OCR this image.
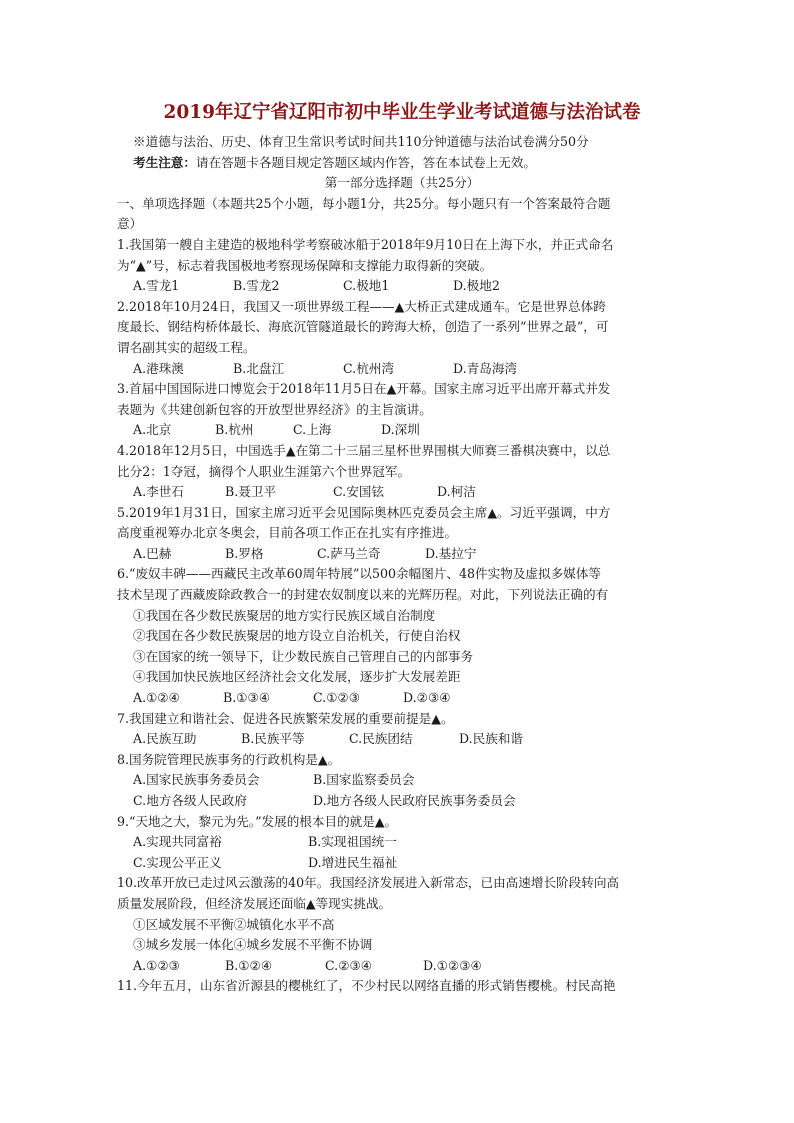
2019年辽宁省辽阳市初中毕业生学业考试道德与法治试卷
※道德与法治、历史、体育卫生常识考试时间共110分钟道德与法治试卷满分50分
考生注意：请在答题卡各题目规定答题区域内作答，答在本试卷上无效。
第一部分选择题（共25分）
一、单项选择题（本题共25个小题，每小题1分，共25分。每小题只有一个答案最符合题
意）
1.我国第一艘自主建造的极地科学考察破冰船于2018年9月10日在上海下水，并正式命名
为“▲”号，标志着我国极地考察现场保障和支撑能力取得新的突破。
A.雪龙1	B.雪龙2	C.极地1	D.极地2
2.2018年10月24日，我国又一项世界级工程——▲大桥正式建成通车。它是世界总体跨
度最长、钢结构桥体最长、海底沉管隧道最长的跨海大桥，创造了一系列“世界之最”，可
谓名副其实的超级工程。
A.港珠澳	B.北盘江	C.杭州湾	D.青岛海湾
3.首届中国国际进口博览会于2018年11月5日在▲开幕。国家主席习近平出席开幕式并发
表题为《共建创新包容的开放型世界经济》的主旨演讲。
A.北京	B.杭州	C.上海	D.深圳
4.2018年12月5日，中国选手▲在第二十三届三星杯世界围棋大师赛三番棋决赛中，以总
比分2：1夺冠，摘得个人职业生涯第六个世界冠军。
A.李世石	B.聂卫平	C.安国铉	D.柯洁
5.2019年1月31日，国家主席习近平会见国际奥林匹克委员会主席▲。习近平强调，中方
高度重视筹办北京冬奥会，目前各项工作正在扎实有序推进。
A.巴赫	B.罗格	C.萨马兰奇	D.基拉宁
6.“废奴丰碑——西藏民主改革60周年特展”以500余幅图片、48件实物及虚拟多媒体等
技术呈现了西藏废除政教合一的封建农奴制度以来的光辉历程。对此，下列说法正确的有
①我国在各少数民族聚居的地方实行民族区域自治制度
②我国在各少数民族聚居的地方设立自治机关，行使自治权
③在国家的统一领导下，让少数民族自己管理自己的内部事务
④我国加快民族地区经济社会文化发展，逐步扩大发展差距
A.①②④	B.①③④	C.①②③	D.②③④
7.我国建立和谐社会、促进各民族繁荣发展的重要前提是▲。
A.民族互助	B.民族平等	C.民族团结	D.民族和谐
8.国务院管理民族事务的行政机构是▲。
A.国家民族事务委员会	B.国家监察委员会
C.地方各级人民政府	D.地方各级人民政府民族事务委员会
9.“天地之大，黎元为先。”发展的根本目的就是▲。
A.实现共同富裕	B.实现祖国统一
C.实现公平正义	D.增进民生福祉
10.改革开放已走过风云激荡的40年。我国经济发展进入新常态，已由高速增长阶段转向高
质量发展阶段，但经济发展还面临▲等现实挑战。
①区域发展不平衡②城镇化水平不高
③城乡发展一体化④城乡发展不平衡不协调
A.①②③	B.①②④	C.②③④	D.①②③④
11.今年五月，山东省沂源县的樱桃红了，不少村民以网络直播的形式销售樱桃。村民高艳
